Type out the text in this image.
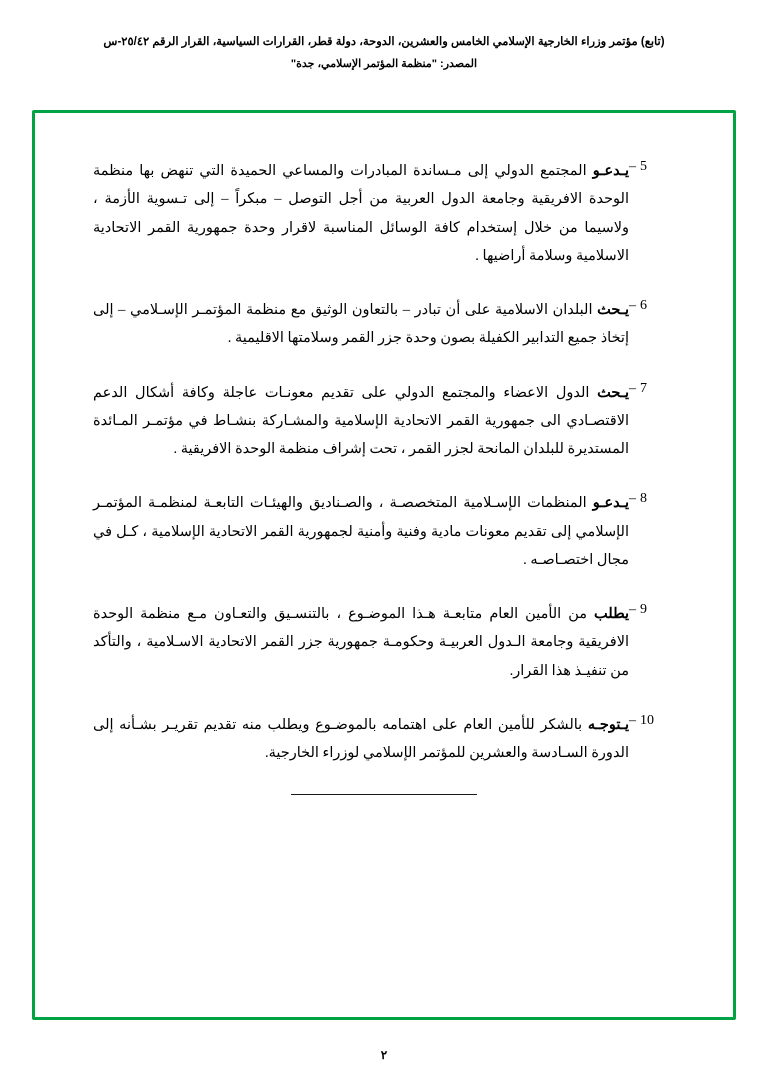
(تابع) مؤتمر وزراء الخارجية الإسلامي الخامس والعشرين، الدوحة، دولة قطر، القرارات السياسية، القرار الرقم ٢٥/٤٢-س
المصدر: "منظمة المؤتمر الإسلامي، جدة"
5–
يـدعـو المجتمع الدولي إلى مـساندة المبادرات والمساعي الحميدة التي تنهض بها منظمة الوحدة الافريقية وجامعة الدول العربية من أجل التوصل – مبكراً – إلى تـسوية الأزمة ، ولاسيما من خلال إستخدام كافة الوسائل المناسبة لاقرار وحدة جمهورية القمر الاتحادية الاسلامية وسلامة أراضيها .
6–
يـحث البلدان الاسلامية على أن تبادر – بالتعاون الوثيق مع منظمة المؤتمـر الإسـلامي – إلى إتخاذ جميع التدابير الكفيلة بصون وحدة جزر القمر وسلامتها الاقليمية .
7–
يـحث الدول الاعضاء والمجتمع الدولي على تقديم معونـات عاجلة وكافة أشكال الدعم الاقتصـادي الى جمهورية القمر الاتحادية الإسلامية والمشـاركة بنشـاط في مؤتمـر المـائدة المستديرة للبلدان المانحة لجزر القمر ، تحت إشراف منظمة الوحدة الافريقية .
8–
يـدعـو المنظمات الإسـلامية المتخصصـة ، والصـناديق والهيئـات التابعـة لمنظمـة المؤتمـر الإسلامي إلى تقديم معونات مادية وفنية وأمنية لجمهورية القمر الاتحادية الإسلامية ، كـل في مجال اختصـاصـه .
9–
يطلب من الأمين العام متابعـة هـذا الموضـوع ، بالتنسـيق والتعـاون مـع منظمة الوحدة الافريقية وجامعة الـدول العربيـة وحكومـة جمهورية جزر القمر الاتحادية الاسـلامية ، والتأكد من تنفيـذ هذا القرار.
10–
يـتوجـه بالشكر للأمين العام على اهتمامه بالموضـوع ويطلب منه تقديم تقريـر بشـأنه إلى الدورة السـادسة والعشرين للمؤتمر الإسلامي لوزراء الخارجية.
٢
